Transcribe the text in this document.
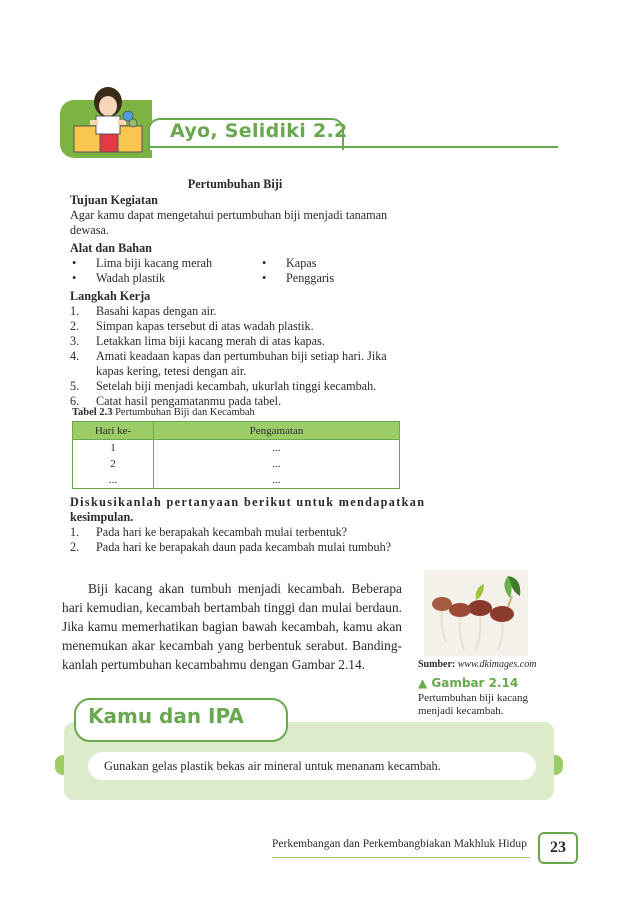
Ayo, Selidiki 2.2
Pertumbuhan Biji
Tujuan Kegiatan
Agar kamu dapat mengetahui pertumbuhan biji menjadi tanaman
dewasa.
Alat dan Bahan
• Lima biji kacang merah	• Kapas
• Wadah plastik	• Penggaris
Langkah Kerja
1. Basahi kapas dengan air.
2. Simpan kapas tersebut di atas wadah plastik.
3. Letakkan lima biji kacang merah di atas kapas.
4. Amati keadaan kapas dan pertumbuhan biji setiap hari. Jika
kapas kering, tetesi dengan air.
5. Setelah biji menjadi kecambah, ukurlah tinggi kecambah.
6. Catat hasil pengamatanmu pada tabel.
Tabel 2.3 Pertumbuhan Biji dan Kecambah
Hari ke-	Pengamatan
1	...
2	...
...	...
Diskusikanlah pertanyaan berikut untuk mendapatkan
kesimpulan.
1. Pada hari ke berapakah kecambah mulai terbentuk?
2. Pada hari ke berapakah daun pada kecambah mulai tumbuh?

Biji kacang akan tumbuh menjadi kecambah. Beberapa hari kemudian, kecambah bertambah tinggi dan mulai berdaun. Jika kamu memerhatikan bagian bawah kecambah, kamu akan menemukan akar kecambah yang berbentuk serabut. Banding-kanlah pertumbuhan kecambahmu dengan Gambar 2.14.	Sumber: www.dkimages.com
▲ Gambar 2.14
Pertumbuhan biji kacang
menjadi kecambah.
Kamu dan IPA
Gunakan gelas plastik bekas air mineral untuk menanam kecambah.
Perkembangan dan Perkembangbiakan Makhluk Hidup	23
